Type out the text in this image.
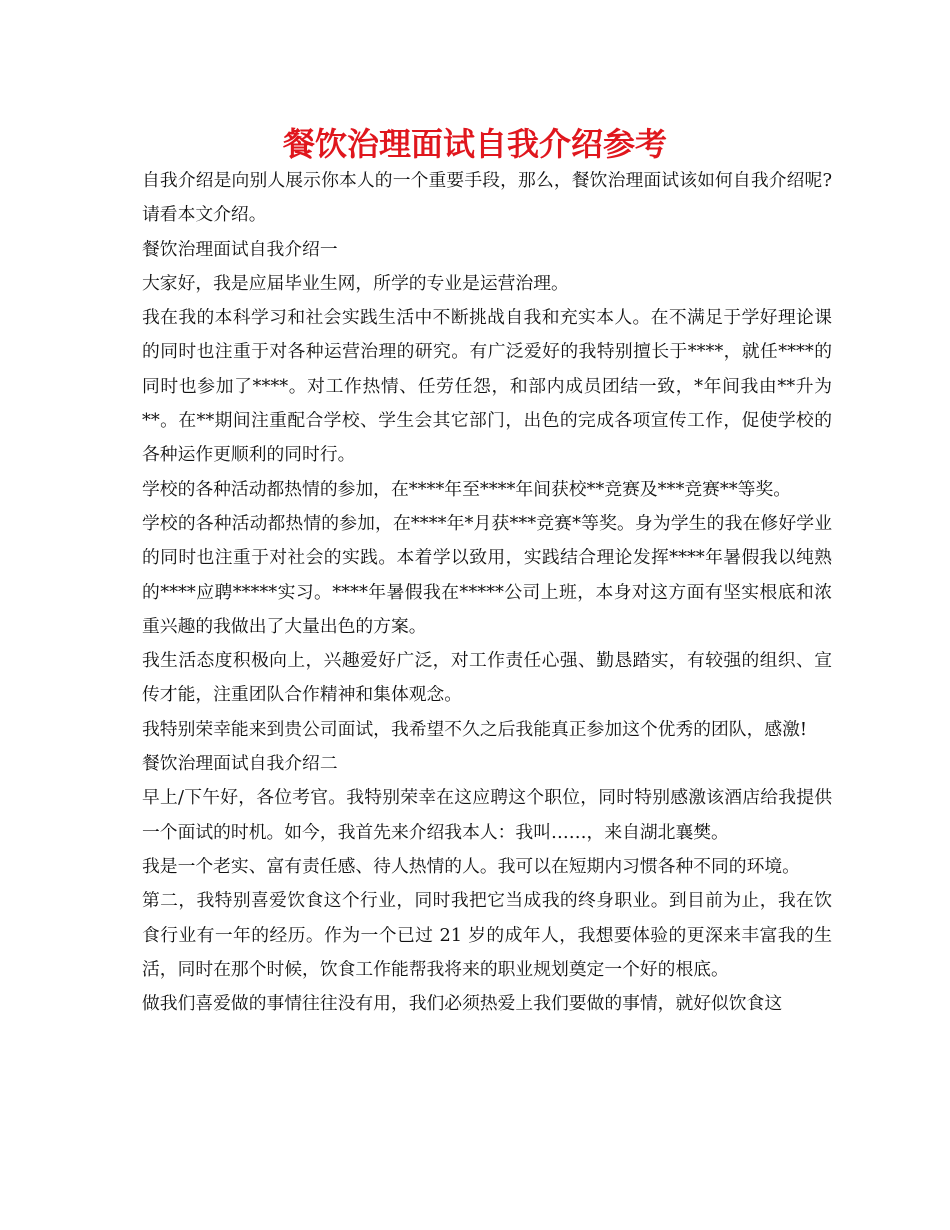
餐饮治理面试自我介绍参考

自我介绍是向别人展示你本人的一个重要手段，那么，餐饮治理面试该如何自我介绍呢?请看本文介绍。

餐饮治理面试自我介绍一

大家好，我是应届毕业生网，所学的专业是运营治理。

我在我的本科学习和社会实践生活中不断挑战自我和充实本人。在不满足于学好理论课的同时也注重于对各种运营治理的研究。有广泛爱好的我特别擅长于****，就任****的同时也参加了****。对工作热情、任劳任怨，和部内成员团结一致，*年间我由**升为**。在**期间注重配合学校、学生会其它部门，出色的完成各项宣传工作，促使学校的各种运作更顺利的同时行。

学校的各种活动都热情的参加，在****年至****年间获校**竞赛及***竞赛**等奖。

学校的各种活动都热情的参加，在****年*月获***竞赛*等奖。身为学生的我在修好学业的同时也注重于对社会的实践。本着学以致用，实践结合理论发挥****年暑假我以纯熟的****应聘*****实习。****年暑假我在*****公司上班，本身对这方面有坚实根底和浓重兴趣的我做出了大量出色的方案。

我生活态度积极向上，兴趣爱好广泛，对工作责任心强、勤恳踏实，有较强的组织、宣传才能，注重团队合作精神和集体观念。

我特别荣幸能来到贵公司面试，我希望不久之后我能真正参加这个优秀的团队，感激!

餐饮治理面试自我介绍二

早上/下午好，各位考官。我特别荣幸在这应聘这个职位，同时特别感激该酒店给我提供一个面试的时机。如今，我首先来介绍我本人：我叫……，来自湖北襄樊。

我是一个老实、富有责任感、待人热情的人。我可以在短期内习惯各种不同的环境。

第二，我特别喜爱饮食这个行业，同时我把它当成我的终身职业。到目前为止，我在饮食行业有一年的经历。作为一个已过 21 岁的成年人，我想要体验的更深来丰富我的生活，同时在那个时候，饮食工作能帮我将来的职业规划奠定一个好的根底。

做我们喜爱做的事情往往没有用，我们必须热爱上我们要做的事情，就好似饮食这
